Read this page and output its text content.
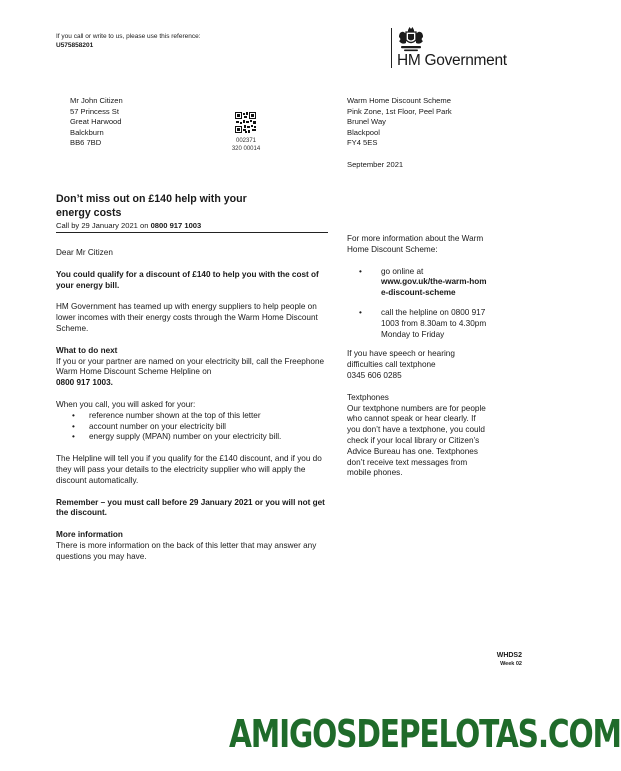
If you call or write to us, please use this reference:
U575858201
HM Government
Mr John Citizen
57 Princess St
Great Harwood
Balckburn
BB6 7BD	002371
320 00014
Warm Home Discount Scheme
Pink Zone, 1st Floor, Peel Park
Brunel Way
Blackpool
FY4 5ES
September 2021
Don’t miss out on £140 help with your
energy costs
Call by 29 January 2021 on 0800 917 1003
Dear Mr Citizen
You could qualify for a discount of £140 to help you with the cost of your energy bill.
HM Government has teamed up with energy suppliers to help people on lower incomes with their energy costs through the Warm Home Discount Scheme.
What to do next
If you or your partner are named on your electricity bill, call the Freephone Warm Home Discount Scheme Helpline on
0800 917 1003.
When you call, you will asked for your:
• reference number shown at the top of this letter
• account number on your electricity bill
• energy supply (MPAN) number on your electricity bill.
The Helpline will tell you if you qualify for the £140 discount, and if you do they will pass your details to the electricity supplier who will apply the discount automatically.
Remember – you must call before 29 January 2021 or you will not get the discount.
More information
There is more information on the back of this letter that may answer any questions you may have.
For more information about the Warm Home Discount Scheme:
• go online at
www.gov.uk/the-warm-home-discount-scheme
• call the helpline on 0800 917 1003 from 8.30am to 4.30pm Monday to Friday
If you have speech or hearing difficulties call textphone
0345 606 0285
Textphones
Our textphone numbers are for people who cannot speak or hear clearly. If you don’t have a textphone, you could check if your local library or Citizen’s Advice Bureau has one. Textphones don’t receive text messages from mobile phones.
WHDS2
Week 02
AMIGOSDEPELOTAS.COM
